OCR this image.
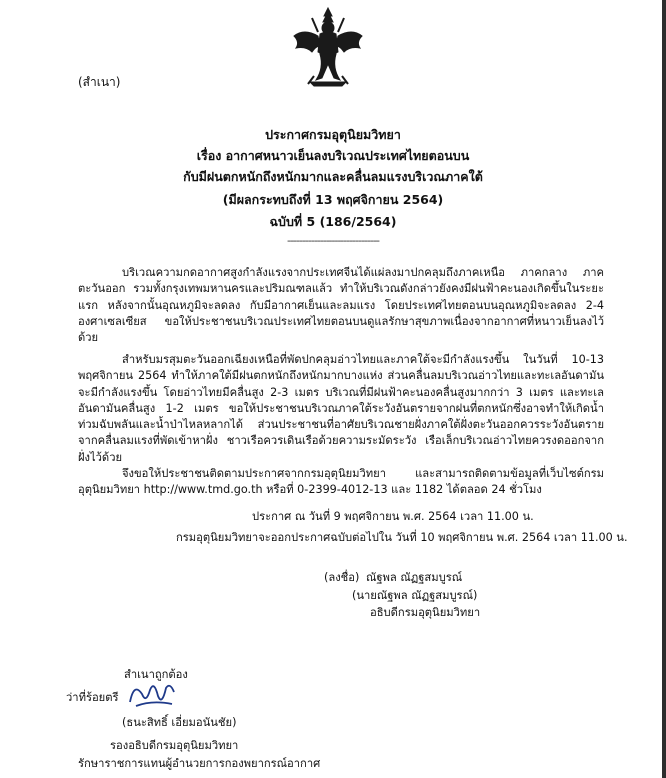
(สำเนา)
ประกาศกรมอุตุนิยมวิทยา
เรื่อง อากาศหนาวเย็นลงบริเวณประเทศไทยตอนบน
กับมีฝนตกหนักถึงหนักมากและคลื่นลมแรงบริเวณภาคใต้
(มีผลกระทบถึงที่ 13 พฤศจิกายน 2564)
ฉบับที่ 5 (186/2564)
-------------------------------
บริเวณความกดอากาศสูงกำลังแรงจากประเทศจีนได้แผ่ลงมาปกคลุมถึงภาคเหนือ ภาคกลาง ภาคตะวันออก รวมทั้งกรุงเทพมหานครและปริมณฑลแล้ว ทำให้บริเวณดังกล่าวยังคงมีฝนฟ้าคะนองเกิดขึ้นในระยะแรก หลังจากนั้นอุณหภูมิจะลดลง กับมีอากาศเย็นและลมแรง โดยประเทศไทยตอนบนอุณหภูมิจะลดลง 2-4 องศาเซลเซียส ขอให้ประชาชนบริเวณประเทศไทยตอนบนดูแลรักษาสุขภาพเนื่องจากอากาศที่หนาวเย็นลงไว้ด้วย
สำหรับมรสุมตะวันออกเฉียงเหนือที่พัดปกคลุมอ่าวไทยและภาคใต้จะมีกำลังแรงขึ้น ในวันที่ 10-13 พฤศจิกายน 2564 ทำให้ภาคใต้มีฝนตกหนักถึงหนักมากบางแห่ง ส่วนคลื่นลมบริเวณอ่าวไทยและทะเลอันดามันจะมีกำลังแรงขึ้น โดยอ่าวไทยมีคลื่นสูง 2-3 เมตร บริเวณที่มีฝนฟ้าคะนองคลื่นสูงมากกว่า 3 เมตร และทะเลอันดามันคลื่นสูง 1-2 เมตร ขอให้ประชาชนบริเวณภาคใต้ระวังอันตรายจากฝนที่ตกหนักซึ่งอาจทำให้เกิดน้ำท่วมฉับพลันและน้ำป่าไหลหลากได้ ส่วนประชาชนที่อาศัยบริเวณชายฝั่งภาคใต้ฝั่งตะวันออกควรระวังอันตรายจากคลื่นลมแรงที่พัดเข้าหาฝั่ง ชาวเรือควรเดินเรือด้วยความระมัดระวัง เรือเล็กบริเวณอ่าวไทยควรงดออกจากฝั่งไว้ด้วย
จึงขอให้ประชาชนติดตามประกาศจากกรมอุตุนิยมวิทยา และสามารถติดตามข้อมูลที่เว็บไซต์กรมอุตุนิยมวิทยา http://www.tmd.go.th หรือที่ 0-2399-4012-13 และ 1182 ได้ตลอด 24 ชั่วโมง
ประกาศ ณ วันที่ 9 พฤศจิกายน พ.ศ. 2564 เวลา 11.00 น.
กรมอุตุนิยมวิทยาจะออกประกาศฉบับต่อไปใน วันที่ 10 พฤศจิกายน พ.ศ. 2564 เวลา 11.00 น.
(ลงชื่อ) ณัฐพล ณัฏฐสมบูรณ์
(นายณัฐพล ณัฏฐสมบูรณ์)
อธิบดีกรมอุตุนิยมวิทยา
สำเนาถูกต้อง
ว่าที่ร้อยตรี
(ธนะสิทธิ์ เอี่ยมอนันชัย)
รองอธิบดีกรมอุตุนิยมวิทยา
รักษาราชการแทนผู้อำนวยการกองพยากรณ์อากาศ
